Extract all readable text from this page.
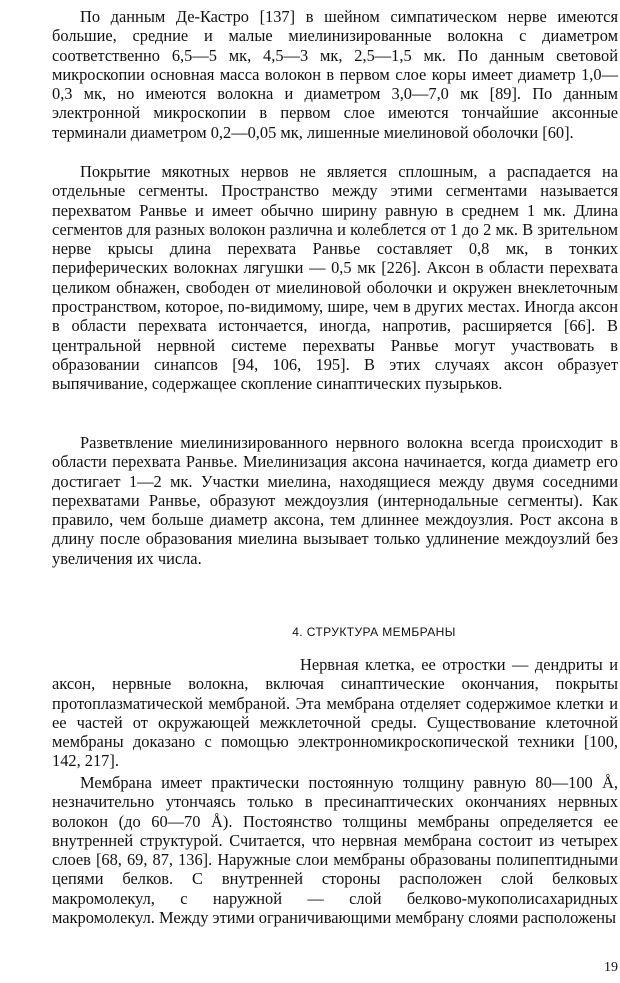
По данным Де-Кастро [137] в шейном симпатическом нерве имеются большие, средние и малые миелинизированные волокна с диаметром соответственно 6,5—5 мк, 4,5—3 мк, 2,5—1,5 мк. По данным световой микроскопии основная масса волокон в первом слое коры имеет диаметр 1,0—0,3 мк, но имеются волокна и диаметром 3,0—7,0 мк [89]. По данным электронной микроскопии в первом слое имеются тончайшие аксонные терминали диаметром 0,2—0,05 мк, лишенные миелиновой оболочки [60].

Покрытие мякотных нервов не является сплошным, а распадается на отдельные сегменты. Пространство между этими сегментами называется перехватом Ранвье и имеет обычно ширину равную в среднем 1 мк. Длина сегментов для разных волокон различна и колеблется от 1 до 2 мк. В зрительном нерве крысы длина перехвата Ранвье составляет 0,8 мк, в тонких периферических волокнах лягушки — 0,5 мк [226]. Аксон в области перехвата целиком обнажен, свободен от миелиновой оболочки и окружен внеклеточным пространством, которое, по-видимому, шире, чем в других местах. Иногда аксон в области перехвата истончается, иногда, напротив, расширяется [66]. В центральной нервной системе перехваты Ранвье могут участвовать в образовании синапсов [94, 106, 195]. В этих случаях аксон образует выпячивание, содержащее скопление синаптических пузырьков.

Разветвление миелинизированного нервного волокна всегда происходит в области перехвата Ранвье. Миелинизация аксона начинается, когда диаметр его достигает 1—2 мк. Участки миелина, находящиеся между двумя соседними перехватами Ранвье, образуют междоузлия (интернодальные сегменты). Как правило, чем больше диаметр аксона, тем длиннее междоузлия. Рост аксона в длину после образования миелина вызывает только удлинение междоузлий без увеличения их числа.

4. СТРУКТУРА МЕМБРАНЫ

Нервная клетка, ее отростки — дендриты и аксон, нервные волокна, включая синаптические окончания, покрыты протоплазматической мембраной. Эта мембрана отделяет содержимое клетки и ее частей от окружающей межклеточной среды. Существование клеточной мембраны доказано с помощью электронномикроскопической техники [100, 142, 217].

Мембрана имеет практически постоянную толщину равную 80—100 Å, незначительно утончаясь только в пресинаптических окончаниях нервных волокон (до 60—70 Å). Постоянство толщины мембраны определяется ее внутренней структурой. Считается, что нервная мембрана состоит из четырех слоев [68, 69, 87, 136]. Наружные слои мембраны образованы полипептидными цепями белков. С внутренней стороны расположен слой белковых макромолекул, с наружной — слой белково-мукополисахаридных макромолекул. Между этими ограничивающими мембрану слоями расположены

19
